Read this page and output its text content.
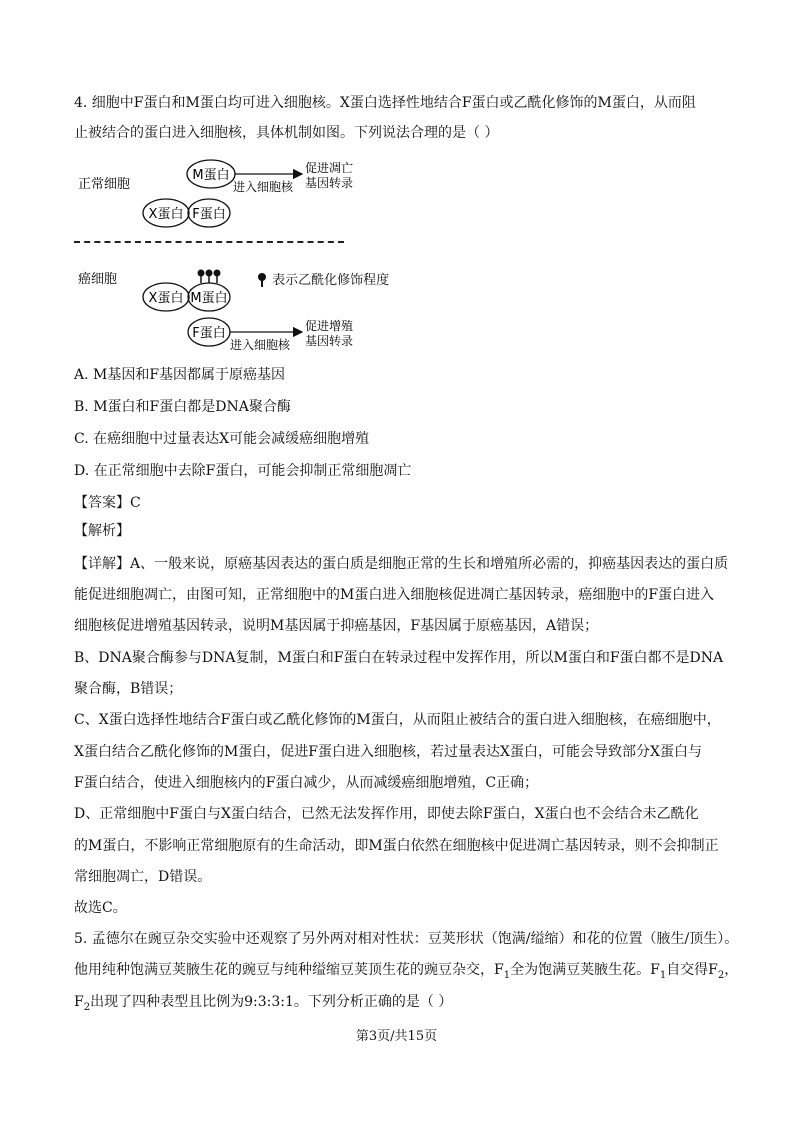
4. 细胞中F蛋白和M蛋白均可进入细胞核。X蛋白选择性地结合F蛋白或乙酰化修饰的M蛋白，从而阻
止被结合的蛋白进入细胞核，具体机制如图。下列说法合理的是（ ）
正常细胞
M蛋白
进入细胞核
促进凋亡
基因转录
X蛋白 F蛋白
癌细胞
X蛋白 M蛋白
F蛋白
进入细胞核
促进增殖
基因转录
表示乙酰化修饰程度
A. M基因和F基因都属于原癌基因
B. M蛋白和F蛋白都是DNA聚合酶
C. 在癌细胞中过量表达X可能会减缓癌细胞增殖
D. 在正常细胞中去除F蛋白，可能会抑制正常细胞凋亡
【答案】C
【解析】
【详解】A、一般来说，原癌基因表达的蛋白质是细胞正常的生长和增殖所必需的，抑癌基因表达的蛋白质
能促进细胞凋亡，由图可知，正常细胞中的M蛋白进入细胞核促进凋亡基因转录，癌细胞中的F蛋白进入
细胞核促进增殖基因转录，说明M基因属于抑癌基因，F基因属于原癌基因，A错误；
B、DNA聚合酶参与DNA复制，M蛋白和F蛋白在转录过程中发挥作用，所以M蛋白和F蛋白都不是DNA
聚合酶，B错误；
C、X蛋白选择性地结合F蛋白或乙酰化修饰的M蛋白，从而阻止被结合的蛋白进入细胞核，在癌细胞中，
X蛋白结合乙酰化修饰的M蛋白，促进F蛋白进入细胞核，若过量表达X蛋白，可能会导致部分X蛋白与
F蛋白结合，使进入细胞核内的F蛋白减少，从而减缓癌细胞增殖，C正确；
D、正常细胞中F蛋白与X蛋白结合，已然无法发挥作用，即使去除F蛋白，X蛋白也不会结合未乙酰化
的M蛋白，不影响正常细胞原有的生命活动，即M蛋白依然在细胞核中促进凋亡基因转录，则不会抑制正
常细胞凋亡，D错误。
故选C。
5. 孟德尔在豌豆杂交实验中还观察了另外两对相对性状：豆荚形状（饱满/缢缩）和花的位置（腋生/顶生）。
他用纯种饱满豆荚腋生花的豌豆与纯种缢缩豆荚顶生花的豌豆杂交，$F_1$全为饱满豆荚腋生花。$F_1$自交得$F_2$，
$F_2$出现了四种表型且比例为9:3:3:1。下列分析正确的是（ ）
第3页/共15页
